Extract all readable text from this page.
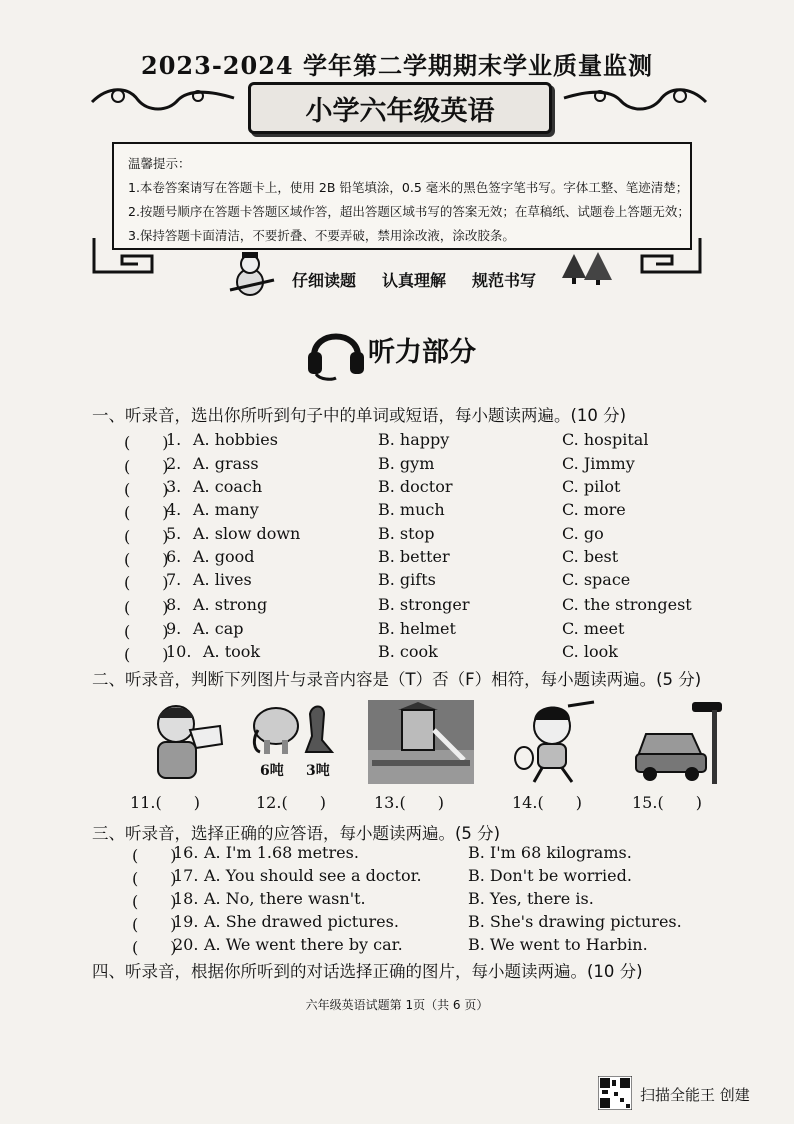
2023-2024 学年第二学期期末学业质量监测
小学六年级英语
温馨提示：
1.本卷答案请写在答题卡上，使用 2B 铅笔填涂，0.5 毫米的黑色签字笔书写。字体工整、笔迹清楚；
2.按题号顺序在答题卡答题区域作答，超出答题区域书写的答案无效；在草稿纸、试题卷上答题无效；
3.保持答题卡面清洁，不要折叠、不要弄破，禁用涂改液，涂改胶条。
仔细读题 认真理解 规范书写
听力部分
一、听录音，选出你所听到句子中的单词或短语，每小题读两遍。(10 分)
(　　)
1. A. hobbies	B. happy	C. hospital
(　　)
2. A. grass	B. gym	C. Jimmy
(　　)
3. A. coach	B. doctor	C. pilot
(　　)
4. A. many	B. much	C. more
(　　)
5. A. slow down	B. stop	C. go
(　　)
6. A. good	B. better	C. best
(　　)
7. A. lives	B. gifts	C. space
(　　)
8. A. strong	B. stronger	C. the strongest
(　　)
9. A. cap	B. helmet	C. meet
(　　)
10. A. took	B. cook	C. look
二、听录音，判断下列图片与录音内容是（T）否（F）相符，每小题读两遍。(5 分)
6吨 3吨
11.(　　)	12.(　　)	13.(　　)	14.(　　)	15.(　　)
三、听录音，选择正确的应答语，每小题读两遍。(5 分)
(　　)
16. A. I'm 1.68 metres.	B. I'm 68 kilograms.
(　　)
17. A. You should see a doctor.	B. Don't be worried.
(　　)
18. A. No, there wasn't.	B. Yes, there is.
(　　)
19. A. She drawed pictures.	B. She's drawing pictures.
(　　)
20. A. We went there by car.	B. We went to Harbin.
四、听录音，根据你所听到的对话选择正确的图片，每小题读两遍。(10 分)
六年级英语试题第 1页（共 6 页）
扫描全能王 创建
